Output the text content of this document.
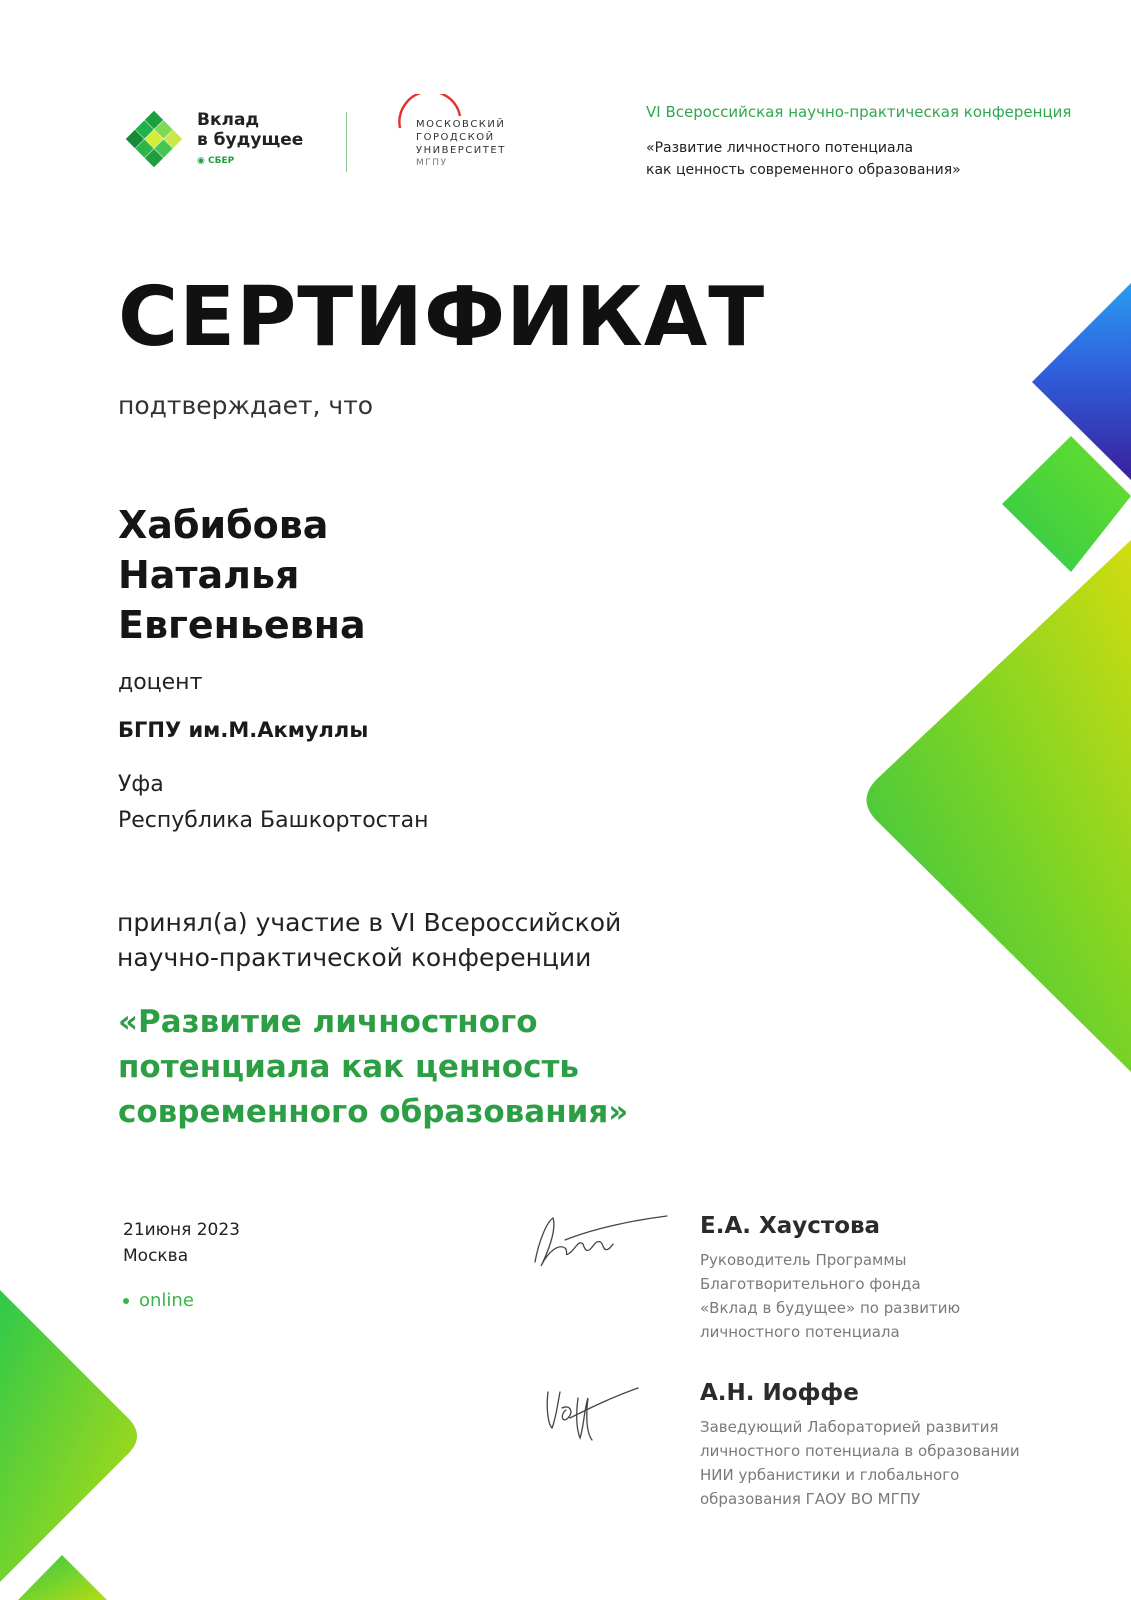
Вклад
в будущее
◉ СБЕР
МОСКОВСКИЙ
ГОРОДСКОЙ
УНИВЕРСИТЕТ
МГПУ
VI Всероссийская научно-практическая конференция
«Развитие личностного потенциала
как ценность современного образования»
СЕРТИФИКАТ
подтверждает, что
Хабибова
Наталья
Евгеньевна
доцент
БГПУ им.М.Акмуллы
Уфа
Республика Башкортостан
принял(а) участие в VI Всероссийской
научно-практической конференции
«Развитие личностного
потенциала как ценность
современного образования»
21июня 2023
Москва
online
Е.А. Хаустова
Руководитель Программы
Благотворительного фонда
«Вклад в будущее» по развитию
личностного потенциала
А.Н. Иоффе
Заведующий Лабораторией развития
личностного потенциала в образовании
НИИ урбанистики и глобального
образования ГАОУ ВО МГПУ
